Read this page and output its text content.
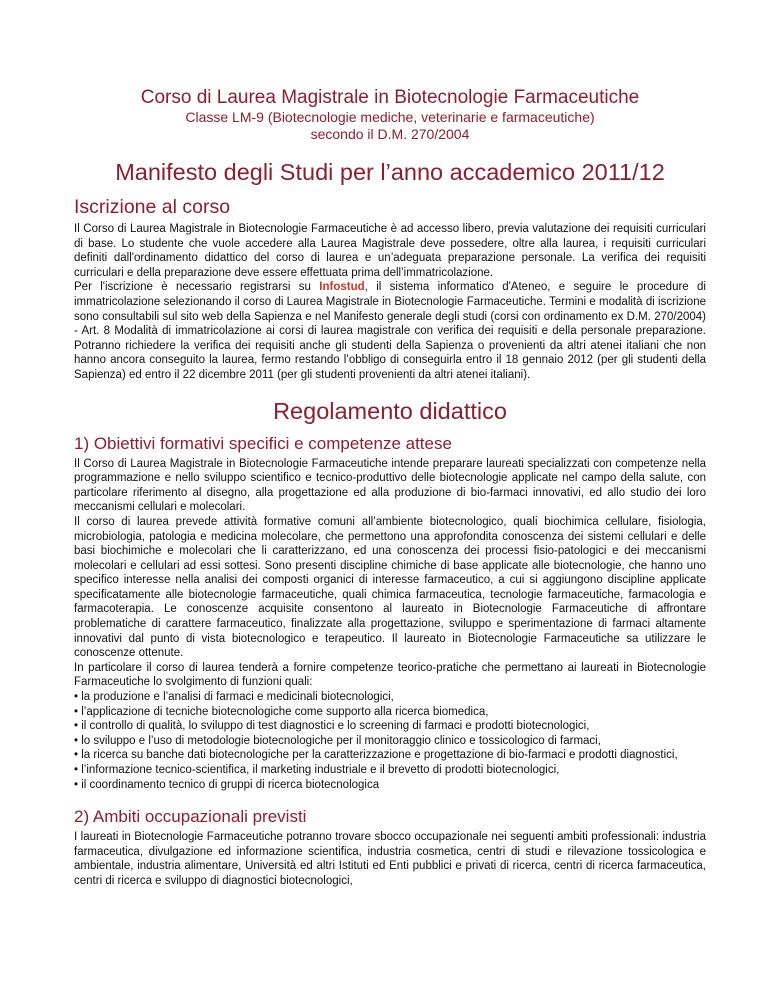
Corso di Laurea Magistrale in Biotecnologie Farmaceutiche
Classe LM-9 (Biotecnologie mediche, veterinarie e farmaceutiche)
secondo il D.M. 270/2004
Manifesto degli Studi per l’anno accademico 2011/12
Iscrizione al corso

Il Corso di Laurea Magistrale in Biotecnologie Farmaceutiche è ad accesso libero, previa valutazione dei requisiti curriculari di base. Lo studente che vuole accedere alla Laurea Magistrale deve possedere, oltre alla laurea, i requisiti curriculari definiti dall'ordinamento didattico del corso di laurea e un’adeguata preparazione personale. La verifica dei requisiti curriculari e della preparazione deve essere effettuata prima dell’immatricolazione.

Per l'iscrizione è necessario registrarsi su Infostud, il sistema informatico d'Ateneo, e seguire le procedure di immatricolazione selezionando il corso di Laurea Magistrale in Biotecnologie Farmaceutiche. Termini e modalità di iscrizione sono consultabili sul sito web della Sapienza e nel Manifesto generale degli studi (corsi con ordinamento ex D.M. 270/2004) - Art. 8 Modalità di immatricolazione ai corsi di laurea magistrale con verifica dei requisiti e della personale preparazione. Potranno richiedere la verifica dei requisiti anche gli studenti della Sapienza o provenienti da altri atenei italiani che non hanno ancora conseguito la laurea, fermo restando l’obbligo di conseguirla entro il 18 gennaio 2012 (per gli studenti della Sapienza) ed entro il 22 dicembre 2011 (per gli studenti provenienti da altri atenei italiani).

Regolamento didattico
1) Obiettivi formativi specifici e competenze attese

Il Corso di Laurea Magistrale in Biotecnologie Farmaceutiche intende preparare laureati specializzati con competenze nella programmazione e nello sviluppo scientifico e tecnico-produttivo delle biotecnologie applicate nel campo della salute, con particolare riferimento al disegno, alla progettazione ed alla produzione di bio-farmaci innovativi, ed allo studio dei loro meccanismi cellulari e molecolari.

Il corso di laurea prevede attività formative comuni all’ambiente biotecnologico, quali biochimica cellulare, fisiologia, microbiologia, patologia e medicina molecolare, che permettono una approfondita conoscenza dei sistemi cellulari e delle basi biochimiche e molecolari che li caratterizzano, ed una conoscenza dei processi fisio-patologici e dei meccanismi molecolari e cellulari ad essi sottesi. Sono presenti discipline chimiche di base applicate alle biotecnologie, che hanno uno specifico interesse nella analisi dei composti organici di interesse farmaceutico, a cui si aggiungono discipline applicate specificatamente alle biotecnologie farmaceutiche, quali chimica farmaceutica, tecnologie farmaceutiche, farmacologia e farmacoterapia. Le conoscenze acquisite consentono al laureato in Biotecnologie Farmaceutiche di affrontare problematiche di carattere farmaceutico, finalizzate alla progettazione, sviluppo e sperimentazione di farmaci altamente innovativi dal punto di vista biotecnologico e terapeutico. Il laureato in Biotecnologie Farmaceutiche sa utilizzare le conoscenze ottenute.

In particolare il corso di laurea tenderà a fornire competenze teorico-pratiche che permettano ai laureati in Biotecnologie Farmaceutiche lo svolgimento di funzioni quali:

• la produzione e l’analisi di farmaci e medicinali biotecnologici,
• l’applicazione di tecniche biotecnologiche come supporto alla ricerca biomedica,
• il controllo di qualità, lo sviluppo di test diagnostici e lo screening di farmaci e prodotti biotecnologici,
• lo sviluppo e l’uso di metodologie biotecnologiche per il monitoraggio clinico e tossicologico di farmaci,
• la ricerca su banche dati biotecnologiche per la caratterizzazione e progettazione di bio-farmaci e prodotti diagnostici,
• l’informazione tecnico-scientifica, il marketing industriale e il brevetto di prodotti biotecnologici,
• il coordinamento tecnico di gruppi di ricerca biotecnologica
2) Ambiti occupazionali previsti

I laureati in Biotecnologie Farmaceutiche potranno trovare sbocco occupazionale nei seguenti ambiti professionali: industria farmaceutica, divulgazione ed informazione scientifica, industria cosmetica, centri di studi e rilevazione tossicologica e ambientale, industria alimentare, Università ed altri Istituti ed Enti pubblici e privati di ricerca, centri di ricerca farmaceutica, centri di ricerca e sviluppo di diagnostici biotecnologici,
